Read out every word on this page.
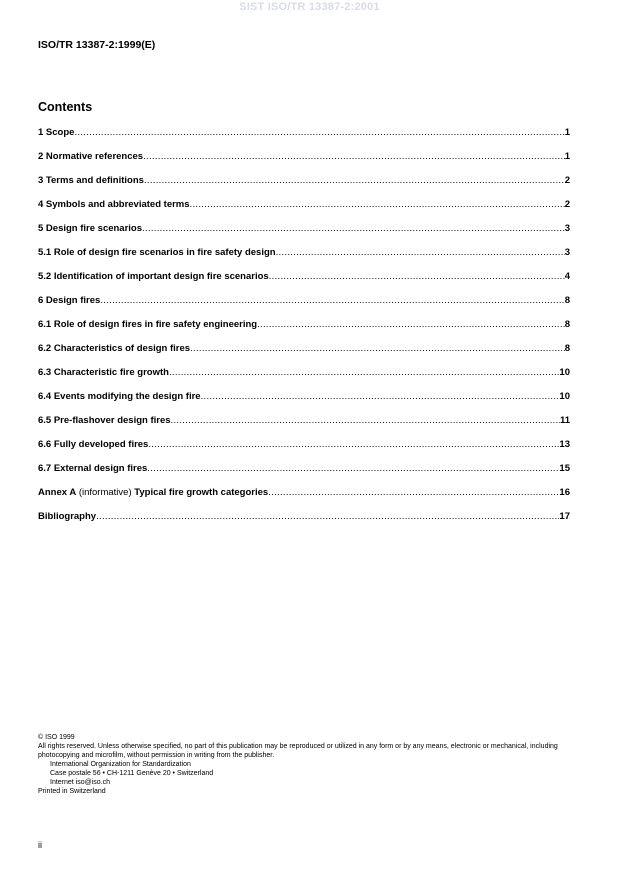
SIST ISO/TR 13387-2:2001
ISO/TR 13387-2:1999(E)
Contents
1 Scope .....	1
2 Normative references .....	1
3 Terms and definitions .....	2
4 Symbols and abbreviated terms .....	2
5 Design fire scenarios .....	3
5.1 Role of design fire scenarios in fire safety design .....	3
5.2 Identification of important design fire scenarios .....	4
6 Design fires .....	8
6.1 Role of design fires in fire safety engineering .....	8
6.2 Characteristics of design fires .....	8
6.3 Characteristic fire growth .....	10
6.4 Events modifying the design fire .....	10
6.5 Pre-flashover design fires .....	11
6.6 Fully developed fires .....	13
6.7 External design fires .....	15
Annex A (informative) Typical fire growth categories .....	16
Bibliography .....	17

© ISO 1999

All rights reserved. Unless otherwise specified, no part of this publication may be reproduced or utilized in any form or by any means, electronic or mechanical, including photocopying and microfilm, without permission in writing from the publisher.

International Organization for Standardization

Case postale 56 • CH-1211 Genève 20 • Switzerland

Internet iso@iso.ch

Printed in Switzerland

ii
